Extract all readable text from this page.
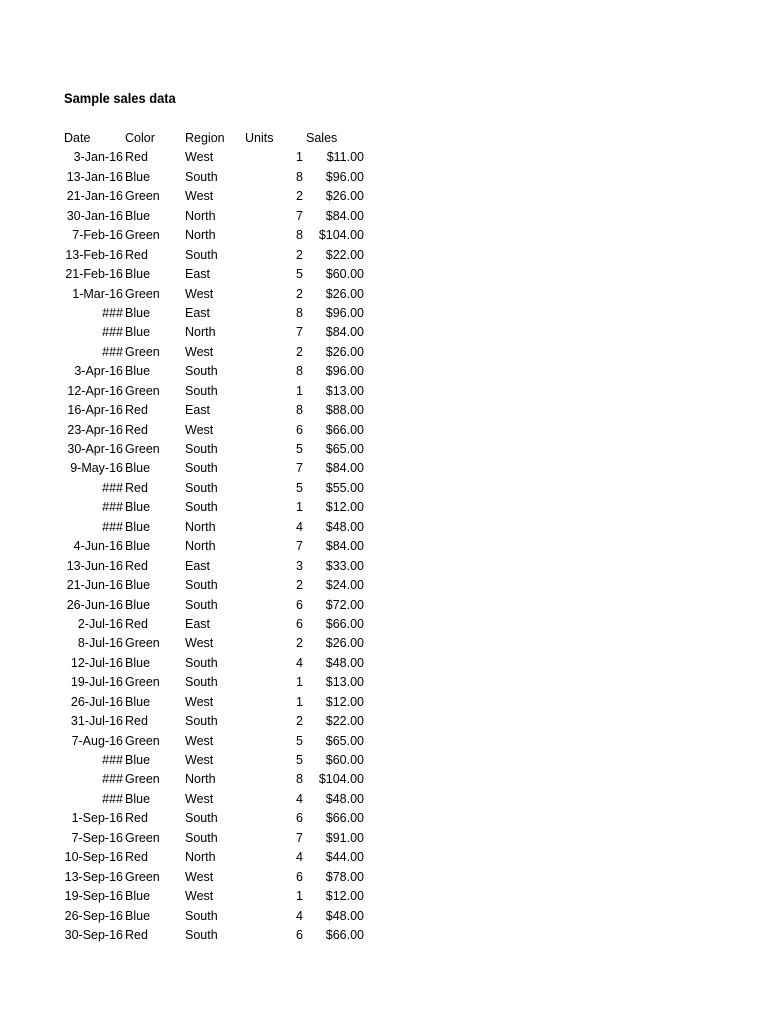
Sample sales data
Date	Color	Region	Units	Sales
3-Jan-16 Red	West	1	$11.00
13-Jan-16 Blue	South	8	$96.00
21-Jan-16 Green	West	2	$26.00
30-Jan-16 Blue	North	7	$84.00
7-Feb-16 Green	North	8	$104.00
13-Feb-16 Red	South	2	$22.00
21-Feb-16 Blue	East	5	$60.00
1-Mar-16 Green	West	2	$26.00
### Blue	East	8	$96.00
### Blue	North	7	$84.00
### Green	West	2	$26.00
3-Apr-16 Blue	South	8	$96.00
12-Apr-16 Green	South	1	$13.00
16-Apr-16 Red	East	8	$88.00
23-Apr-16 Red	West	6	$66.00
30-Apr-16 Green	South	5	$65.00
9-May-16 Blue	South	7	$84.00
### Red	South	5	$55.00
### Blue	South	1	$12.00
### Blue	North	4	$48.00
4-Jun-16 Blue	North	7	$84.00
13-Jun-16 Red	East	3	$33.00
21-Jun-16 Blue	South	2	$24.00
26-Jun-16 Blue	South	6	$72.00
2-Jul-16 Red	East	6	$66.00
8-Jul-16 Green	West	2	$26.00
12-Jul-16 Blue	South	4	$48.00
19-Jul-16 Green	South	1	$13.00
26-Jul-16 Blue	West	1	$12.00
31-Jul-16 Red	South	2	$22.00
7-Aug-16 Green	West	5	$65.00
### Blue	West	5	$60.00
### Green	North	8	$104.00
### Blue	West	4	$48.00
1-Sep-16 Red	South	6	$66.00
7-Sep-16 Green	South	7	$91.00
10-Sep-16 Red	North	4	$44.00
13-Sep-16 Green	West	6	$78.00
19-Sep-16 Blue	West	1	$12.00
26-Sep-16 Blue	South	4	$48.00
30-Sep-16 Red	South	6	$66.00
